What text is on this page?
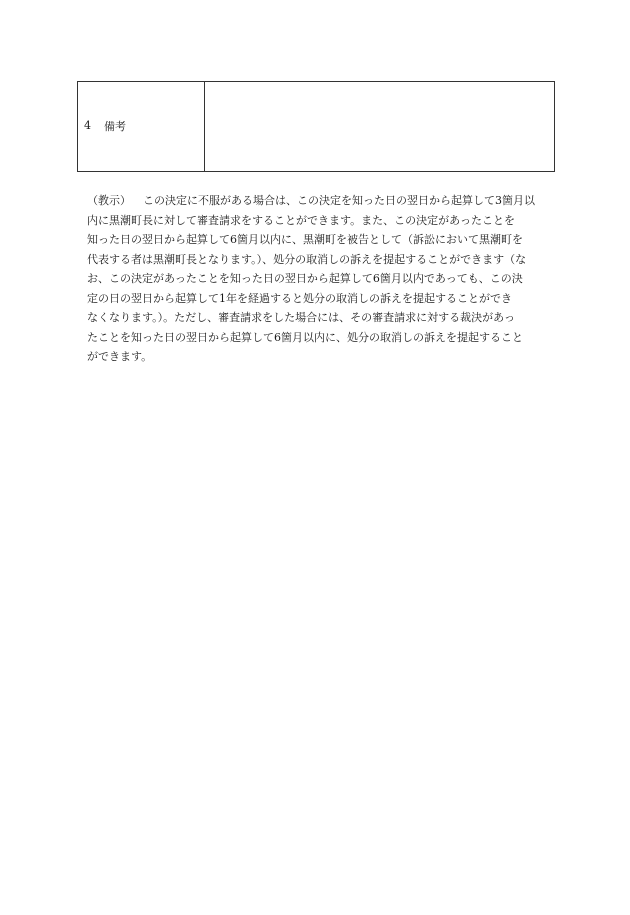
4	備考
（教示） この決定に不服がある場合は、この決定を知った日の翌日から起算して3箇月以
内に黒潮町長に対して審査請求をすることができます。また、この決定があったことを
知った日の翌日から起算して6箇月以内に、黒潮町を被告として（訴訟において黒潮町を
代表する者は黒潮町長となります。）、処分の取消しの訴えを提起することができます（な
お、この決定があったことを知った日の翌日から起算して6箇月以内であっても、この決
定の日の翌日から起算して1年を経過すると処分の取消しの訴えを提起することができ
なくなります。）。ただし、審査請求をした場合には、その審査請求に対する裁決があっ
たことを知った日の翌日から起算して6箇月以内に、処分の取消しの訴えを提起すること
ができます。
